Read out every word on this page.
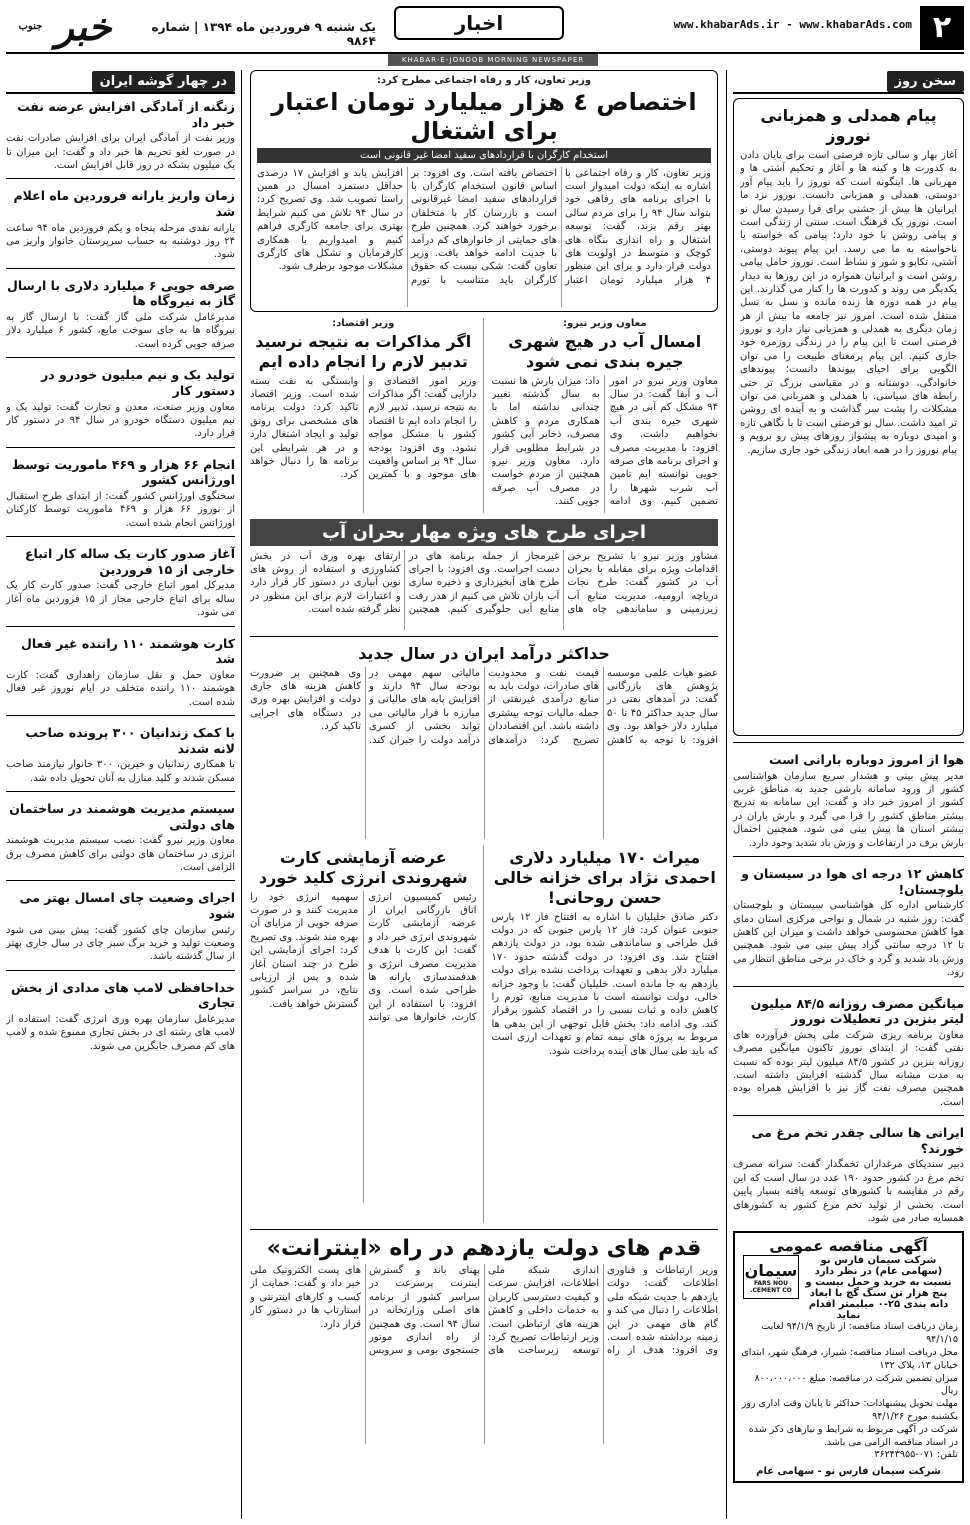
۲
www.khabarAds.ir - www.khabarAds.com
اخبار
یک شنبه ۹ فروردین ماه ۱۳۹۴ | شماره ۹۸۶۴
خبر $^{جنوب}$
KHABAR-E-JONOOB MORNING NEWSPAPER
سخن روز
پیام همدلی و همزبانی نوروز

آغاز بهار و سالی تازه فرصتی است برای پایان دادن به کدورت ها و کینه ها و آغاز و تحکیم آشتی ها و مهربانی ها. اینگونه است که نوروز را باید پیام آور دوستی، همدلی و همزبانی دانست. نوروز نزد ما ایرانیان ها بیش از جشنی برای فرا رسیدن سال نو است. نوروز یک فرهنگ است. سنتی از زندگی است و پیامی روشن با خود دارد؛ پیامی که خواسته یا ناخواسته به ما می رسد. این پیام پیوند دوستی، آشتی، تکاپو و شور و نشاط است. نوروز حامل پیامی روشن است و ایرانیان همواره در این روزها به دیدار یکدیگر می روند و کدورت ها را کنار می گذارند. این پیام در همه دوره ها زنده مانده و نسل به نسل منتقل شده است. امروز نیز جامعه ما بیش از هر زمان دیگری به همدلی و همزبانی نیاز دارد و نوروز فرصتی است تا این پیام را در زندگی روزمره خود جاری کنیم. این پیام پرمعنای طبیعت را می توان الگویی برای احیای پیوندها دانست؛ پیوندهای خانوادگی، دوستانه و در مقیاسی بزرگ تر حتی رابطه های سیاسی. با همدلی و همزبانی می توان مشکلات را پشت سر گذاشت و به آینده ای روشن تر امید داشت. سال نو فرصتی است تا با نگاهی تازه و امیدی دوباره به پیشواز روزهای پیش رو برویم و پیام نوروز را در همه ابعاد زندگی خود جاری سازیم.

هوا از امروز دوباره بارانی است

مدیر پیش بینی و هشدار سریع سازمان هواشناسی کشور از ورود سامانه بارشی جدید به مناطق غربی کشور از امروز خبر داد و گفت: این سامانه به تدریج بیشتر مناطق کشور را فرا می گیرد و بارش باران در بیشتر استان ها پیش بینی می شود. همچنین احتمال بارش برف در ارتفاعات و وزش باد شدید وجود دارد.

کاهش ۱۲ درجه ای هوا در سیستان و بلوچستان!

کارشناس اداره کل هواشناسی سیستان و بلوچستان گفت: روز شنبه در شمال و نواحی مرکزی استان دمای هوا کاهش محسوسی خواهد داشت و میزان این کاهش تا ۱۲ درجه سانتی گراد پیش بینی می شود. همچنین وزش باد شدید و گرد و خاک در برخی مناطق انتظار می رود.

میانگین مصرف روزانه ۸۴/۵ میلیون لیتر بنزین در تعطیلات نوروز

معاون برنامه ریزی شرکت ملی پخش فرآورده های نفتی گفت: از ابتدای نوروز تاکنون میانگین مصرف روزانه بنزین در کشور ۸۴/۵ میلیون لیتر بوده که نسبت به مدت مشابه سال گذشته افزایش داشته است. همچنین مصرف نفت گاز نیز با افزایش همراه بوده است.

ایرانی ها سالی چقدر تخم مرغ می خورند؟

دبیر سندیکای مرغداران تخمگذار گفت: سرانه مصرف تخم مرغ در کشور حدود ۱۹۰ عدد در سال است که این رقم در مقایسه با کشورهای توسعه یافته بسیار پایین است. بخشی از تولید تخم مرغ کشور به کشورهای همسایه صادر می شود.

آگهی مناقصه عمومی
سیمان
FARS NOU CEMENT CO.
شرکت سیمان فارس نو (سهامی عام) در نظر دارد نسبت به خرید و حمل بیست و پنج هزار تن سنگ گچ با ابعاد دانه بندی ۲۵-۰ میلیمتر اقدام نماید

زمان دریافت اسناد مناقصه: از تاریخ ۹۴/۱/۹ لغایت ۹۴/۱/۱۵

محل دریافت اسناد مناقصه: شیراز، فرهنگ شهر، ابتدای خیابان ۱۳، پلاک ۱۳۲

میزان تضمین شرکت در مناقصه: مبلغ ۸۰۰،۰۰۰،۰۰۰ ریال

مهلت تحویل پیشنهادات: حداکثر تا پایان وقت اداری روز یکشنبه مورخ ۹۴/۱/۲۶

شرکت در آگهی مربوط به شرایط و نیازهای ذکر شده در اسناد مناقصه الزامی می باشد.

تلفن: ۰۷۱-۳۶۲۴۳۹۵۵

شرکت سیمان فارس نو - سهامی عام
وزیر تعاون، کار و رفاه اجتماعی مطرح کرد:
اختصاص ٤ هزار میلیارد تومان اعتبار برای اشتغال
استخدام کارگران با قراردادهای سفید امضا غیر قانونی است

وزیر تعاون، کار و رفاه اجتماعی با اشاره به اینکه دولت امیدوار است با اجرای برنامه های رفاهی خود بتواند سال ۹۴ را برای مردم سالی بهتر رقم بزند، گفت: توسعه اشتغال و راه اندازی بنگاه های کوچک و متوسط در اولویت های دولت قرار دارد و برای این منظور ۴ هزار میلیارد تومان اعتبار اختصاص یافته است. وی افزود: بر اساس قانون استخدام کارگران با قراردادهای سفید امضا غیرقانونی است و بازرسان کار با متخلفان برخورد خواهند کرد. همچنین طرح های حمایتی از خانوارهای کم درآمد با جدیت ادامه خواهد یافت. وزیر تعاون گفت: شکی نیست که حقوق کارگران باید متناسب با تورم افزایش یابد و افزایش ۱۷ درصدی حداقل دستمزد امسال در همین راستا تصویب شد. وی تصریح کرد: در سال ۹۴ تلاش می کنیم شرایط بهتری برای جامعه کارگری فراهم کنیم و امیدواریم با همکاری کارفرمایان و تشکل های کارگری مشکلات موجود برطرف شود.

معاون وزیر نیرو:
امسال آب در هیچ شهری جیره بندی نمی شود

معاون وزیر نیرو در امور آب و آبفا گفت: در سال ۹۴ مشکل کم آبی در هیچ شهری جیره بندی آب نخواهیم داشت. وی افزود: با مدیریت مصرف و اجرای برنامه های صرفه جویی توانسته ایم تامین آب شرب شهرها را تضمین کنیم. وی ادامه داد: میزان بارش ها نسبت به سال گذشته تغییر چندانی نداشته اما با همکاری مردم و کاهش مصرف، ذخایر آبی کشور در شرایط مطلوبی قرار دارد. معاون وزیر نیرو همچنین از مردم خواست در مصرف آب صرفه جویی کنند.

وزیر اقتصاد:
اگر مذاکرات به نتیجه نرسید تدبیر لازم را انجام داده ایم

وزیر امور اقتصادی و دارایی گفت: اگر مذاکرات به نتیجه نرسید، تدبیر لازم را انجام داده ایم تا اقتصاد کشور با مشکل مواجه نشود. وی افزود: بودجه سال ۹۴ بر اساس واقعیت های موجود و با کمترین وابستگی به نفت بسته شده است. وزیر اقتصاد تاکید کرد: دولت برنامه های مشخصی برای رونق تولید و ایجاد اشتغال دارد و در هر شرایطی این برنامه ها را دنبال خواهد کرد.

اجرای طرح های ویژه مهار بحران آب

مشاور وزیر نیرو با تشریح برخی اقدامات ویژه برای مقابله با بحران آب در کشور گفت: طرح نجات دریاچه ارومیه، مدیریت منابع آب زیرزمینی و ساماندهی چاه های غیرمجاز از جمله برنامه های در دست اجراست. وی افزود: با اجرای طرح های آبخیزداری و ذخیره سازی آب باران تلاش می کنیم از هدر رفت منابع آبی جلوگیری کنیم. همچنین ارتقای بهره وری آب در بخش کشاورزی و استفاده از روش های نوین آبیاری در دستور کار قرار دارد و اعتبارات لازم برای این منظور در نظر گرفته شده است.

حداکثر درآمد ایران در سال جدید

عضو هیات علمی موسسه پژوهش های بازرگانی گفت: در آمدهای نفتی در سال جدید حداکثر ۴۵ تا ۵۰ میلیارد دلار خواهد بود. وی افزود: با توجه به کاهش قیمت نفت و محدودیت های صادرات، دولت باید به منابع درآمدی غیرنفتی از جمله مالیات توجه بیشتری داشته باشد. این اقتصاددان تصریح کرد: درآمدهای مالیاتی سهم مهمی در بودجه سال ۹۴ دارند و افزایش پایه های مالیاتی و مبارزه با فرار مالیاتی می تواند بخشی از کسری درآمد دولت را جبران کند. وی همچنین بر ضرورت کاهش هزینه های جاری دولت و افزایش بهره وری در دستگاه های اجرایی تاکید کرد.

میراث ۱۷۰ میلیارد دلاری احمدی نژاد برای خزانه خالی حسن روحانی!

دکتر صادق خلیلیان با اشاره به افتتاح فاز ۱۲ پارس جنوبی عنوان کرد: فاز ۱۲ پارس جنوبی که در دولت قبل طراحی و ساماندهی شده بود، در دولت یازدهم افتتاح شد. وی افزود: در دولت گذشته حدود ۱۷۰ میلیارد دلار بدهی و تعهدات پرداخت نشده برای دولت یازدهم به جا مانده است. خلیلیان گفت: با وجود خزانه خالی، دولت توانسته است با مدیریت منابع، تورم را کاهش داده و ثبات نسبی را در اقتصاد کشور برقرار کند. وی ادامه داد: بخش قابل توجهی از این بدهی ها مربوط به پروژه های نیمه تمام و تعهدات ارزی است که باید طی سال های آینده پرداخت شود.

عرضه آزمایشی کارت شهروندی انرژی کلید خورد

رئیس کمیسیون انرژی اتاق بازرگانی ایران از عرضه آزمایشی کارت شهروندی انرژی خبر داد و گفت: این کارت با هدف مدیریت مصرف انرژی و هدفمندسازی یارانه ها طراحی شده است. وی افزود: با استفاده از این کارت، خانوارها می توانند سهمیه انرژی خود را مدیریت کنند و در صورت صرفه جویی از مزایای آن بهره مند شوند. وی تصریح کرد: اجرای آزمایشی این طرح در چند استان آغاز شده و پس از ارزیابی نتایج، در سراسر کشور گسترش خواهد یافت.

قدم های دولت یازدهم در راه «اینترانت»

وزیر ارتباطات و فناوری اطلاعات گفت: دولت یازدهم با جدیت شبکه ملی اطلاعات را دنبال می کند و گام های مهمی در این زمینه برداشته شده است. وی افزود: هدف از راه اندازی شبکه ملی اطلاعات، افزایش سرعت و کیفیت دسترسی کاربران به خدمات داخلی و کاهش هزینه های ارتباطی است. وزیر ارتباطات تصریح کرد: توسعه زیرساخت های پهنای باند و گسترش اینترنت پرسرعت در سراسر کشور از برنامه های اصلی وزارتخانه در سال ۹۴ است. وی همچنین از راه اندازی موتور جستجوی بومی و سرویس های پست الکترونیک ملی خبر داد و گفت: حمایت از کسب و کارهای اینترنتی و استارتاپ ها در دستور کار قرار دارد.

در چهار گوشه ایران
زنگنه از آمادگی افزایش عرضه نفت خبر داد

وزیر نفت از آمادگی ایران برای افزایش صادرات نفت در صورت لغو تحریم ها خبر داد و گفت: این میزان تا یک میلیون بشکه در روز قابل افزایش است.

زمان واریز یارانه فروردین ماه اعلام شد

یارانه نقدی مرحله پنجاه و یکم فروردین ماه ۹۴ ساعت ۲۴ روز دوشنبه به حساب سرپرستان خانوار واریز می شود.

صرفه جویی ۶ میلیارد دلاری با ارسال گاز به نیروگاه ها

مدیرعامل شرکت ملی گاز گفت: با ارسال گاز به نیروگاه ها به جای سوخت مایع، کشور ۶ میلیارد دلار صرفه جویی کرده است.

تولید یک و نیم میلیون خودرو در دستور کار

معاون وزیر صنعت، معدن و تجارت گفت: تولید یک و نیم میلیون دستگاه خودرو در سال ۹۴ در دستور کار قرار دارد.

انجام ۶۶ هزار و ۴۶۹ ماموریت توسط اورژانس کشور

سخنگوی اورژانس کشور گفت: از ابتدای طرح استقبال از نوروز ۶۶ هزار و ۴۶۹ ماموریت توسط کارکنان اورژانس انجام شده است.

آغاز صدور کارت یک ساله کار اتباع خارجی از ۱۵ فروردین

مدیرکل امور اتباع خارجی گفت: صدور کارت کار یک ساله برای اتباع خارجی مجاز از ۱۵ فروردین ماه آغاز می شود.

کارت هوشمند ۱۱۰ راننده غیر فعال شد

معاون حمل و نقل سازمان راهداری گفت: کارت هوشمند ۱۱۰ راننده متخلف در ایام نوروز غیر فعال شده است.

با کمک زندانیان ۳۰۰ پرونده صاحب لانه شدند

با همکاری زندانیان و خیرین، ۳۰۰ خانوار نیازمند صاحب مسکن شدند و کلید منازل به آنان تحویل داده شد.

سیستم مدیریت هوشمند در ساختمان های دولتی

معاون وزیر نیرو گفت: نصب سیستم مدیریت هوشمند انرژی در ساختمان های دولتی برای کاهش مصرف برق الزامی است.

اجرای وضعیت چای امسال بهتر می شود

رئیس سازمان چای کشور گفت: پیش بینی می شود وضعیت تولید و خرید برگ سبز چای در سال جاری بهتر از سال گذشته باشد.

خداحافظی لامپ های مدادی از بخش تجاری

مدیرعامل سازمان بهره وری انرژی گفت: استفاده از لامپ های رشته ای در بخش تجاری ممنوع شده و لامپ های کم مصرف جایگزین می شوند.
